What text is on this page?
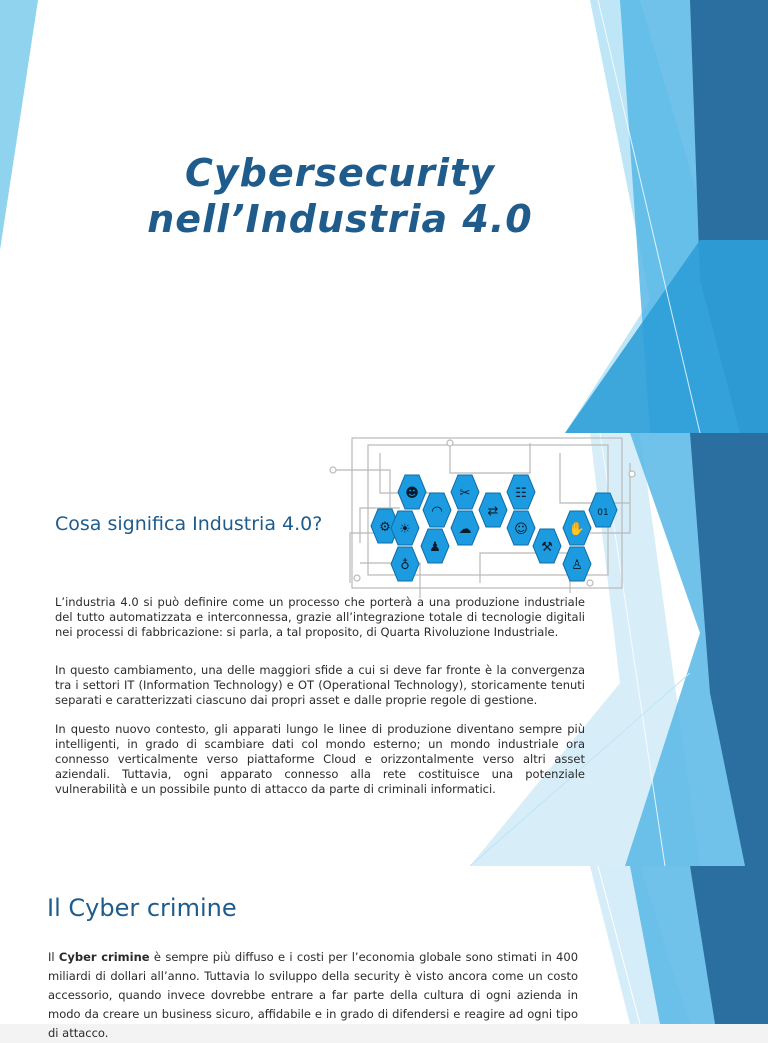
Cybersecurity
nell’Industria 4.0
☻	✂	☷
⚙
◠	⇄	01
☀	☁	☺	✋
♟	⚒
♁	♙
Cosa significa Industria 4.0?
L’industria 4.0 si può definire come un processo che porterà a una produzione industriale del tutto automatizzata e interconnessa, grazie all’integrazione totale di tecnologie digitali nei processi di fabbricazione: si parla, a tal proposito, di Quarta Rivoluzione Industriale.
In questo cambiamento, una delle maggiori sfide a cui si deve far fronte è la convergenza tra i settori IT (Information Technology) e OT (Operational Technology), storicamente tenuti separati e caratterizzati ciascuno dai propri asset e dalle proprie regole di gestione.
In questo nuovo contesto, gli apparati lungo le linee di produzione diventano sempre più intelligenti, in grado di scambiare dati col mondo esterno; un mondo industriale ora connesso verticalmente verso piattaforme Cloud e orizzontalmente verso altri asset aziendali. Tuttavia, ogni apparato connesso alla rete costituisce una potenziale vulnerabilità e un possibile punto di attacco da parte di criminali informatici.
Il Cyber crimine
Il Cyber crimine è sempre più diffuso e i costi per l’economia globale sono stimati in 400 miliardi di dollari all’anno. Tuttavia lo sviluppo della security è visto ancora come un costo accessorio, quando invece dovrebbe entrare a far parte della cultura di ogni azienda in modo da creare un business sicuro, affidabile e in grado di difendersi e reagire ad ogni tipo di attacco.
